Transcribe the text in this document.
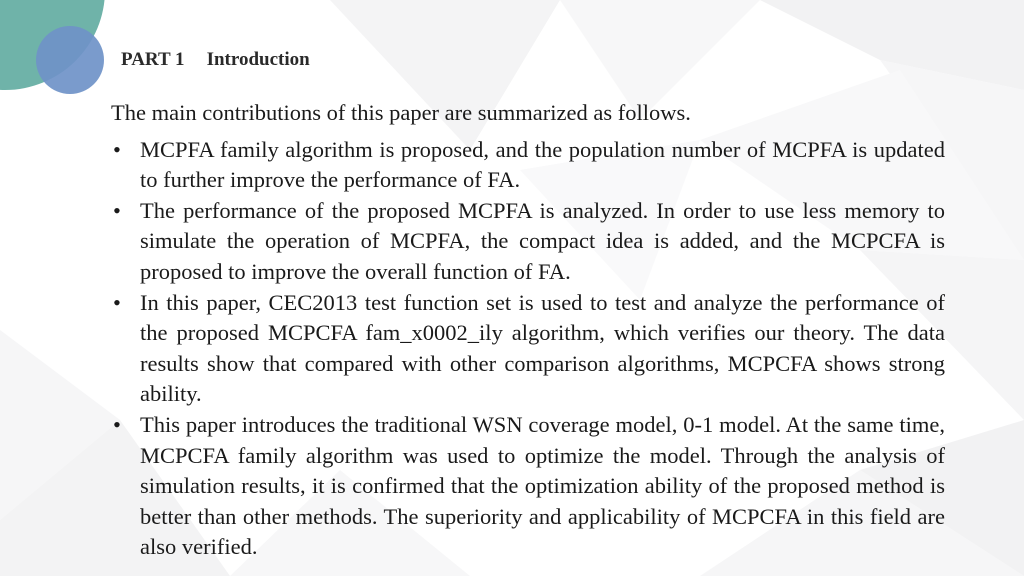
PART 1 Introduction

The main contributions of this paper are summarized as follows.

• MCPFA family algorithm is proposed, and the population number of MCPFA is updated to further improve the performance of FA.
• The performance of the proposed MCPFA is analyzed. In order to use less memory to simulate the operation of MCPFA, the compact idea is added, and the MCPCFA is proposed to improve the overall function of FA.
• In this paper, CEC2013 test function set is used to test and analyze the performance of the proposed MCPCFA fam_x0002_ily algorithm, which verifies our theory. The data results show that compared with other comparison algorithms, MCPCFA shows strong ability.
• This paper introduces the traditional WSN coverage model, 0-1 model. At the same time, MCPCFA family algorithm was used to optimize the model. Through the analysis of simulation results, it is confirmed that the optimization ability of the proposed method is better than other methods. The superiority and applicability of MCPCFA in this field are also verified.
